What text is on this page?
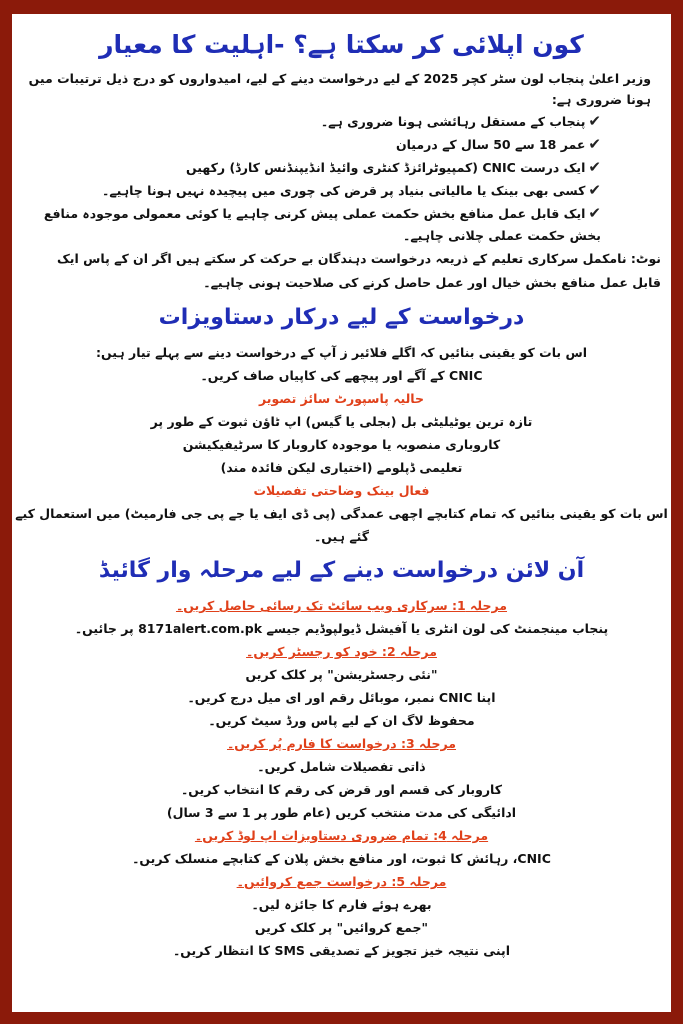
کون اپلائی کر سکتا ہے؟ -اہلیت کا معیار
وزیر اعلیٰ پنجاب لون سٹر کچر 2025 کے لیے درخواست دینے کے لیے، امیدواروں کو درج ذیل ترتیبات میں ہونا ضروری ہے:
✔پنجاب کے مستقل رہائشی ہونا ضروری ہے۔
✔عمر 18 سے 50 سال کے درمیان
✔ایک درست CNIC (کمپیوٹرائزڈ کنٹری وائیڈ انڈیپنڈنس کارڈ) رکھیں
✔کسی بھی بینک یا مالیاتی بنیاد پر قرض کی چوری میں پیچیدہ نہیں ہونا چاہیے۔
✔ایک قابل عمل منافع بخش حکمت عملی پیش کرنی چاہیے یا کوئی معمولی موجودہ منافع بخش حکمت عملی چلانی چاہیے۔
نوٹ: نامکمل سرکاری تعلیم کے ذریعہ درخواست دہندگان بے حرکت کر سکتے ہیں اگر ان کے پاس ایک قابل عمل منافع بخش خیال اور عمل حاصل کرنے کی صلاحیت ہونی چاہیے۔
درخواست کے لیے درکار دستاویزات
اس بات کو یقینی بنائیں کہ اگلے فلائیر ز آپ کے درخواست دینے سے پہلے تیار ہیں:
CNIC کے آگے اور پیچھے کی کاپیاں صاف کریں۔
حالیہ پاسپورٹ سائز تصویر
تازہ ترین یوٹیلیٹی بل (بجلی یا گیس) اپ ٹاؤن ثبوت کے طور پر
کاروباری منصوبہ یا موجودہ کاروبار کا سرٹیفیکیشن
تعلیمی ڈپلومے (اختیاری لیکن فائدہ مند)
فعال بینک وضاحتی تفصیلات
اس بات کو یقینی بنائیں کہ تمام کتابچے اچھی عمدگی (پی ڈی ایف یا جے پی جی فارمیٹ) میں استعمال کیے گئے ہیں۔
آن لائن درخواست دینے کے لیے مرحلہ وار گائیڈ
مرحلہ 1: سرکاری ویب سائٹ تک رسائی حاصل کریں۔
پنجاب مینجمنٹ کی لون انٹری یا آفیشل ڈیولپوڈیم جیسے 8171alert.com.pk پر جائیں۔
مرحلہ 2: خود کو رجسٹر کریں۔
"نئی رجسٹریشن" پر کلک کریں
اپنا CNIC نمبر، موبائل رقم اور ای میل درج کریں۔
محفوظ لاگ ان کے لیے پاس ورڈ سیٹ کریں۔
مرحلہ 3: درخواست کا فارم پُر کریں۔
ذاتی تفصیلات شامل کریں۔
کاروبار کی قسم اور قرض کی رقم کا انتخاب کریں۔
ادائیگی کی مدت منتخب کریں (عام طور پر 1 سے 3 سال)
مرحلہ 4: تمام ضروری دستاویزات اپ لوڈ کریں۔
CNIC، رہائش کا ثبوت، اور منافع بخش پلان کے کتابچے منسلک کریں۔
مرحلہ 5: درخواست جمع کروائیں۔
بھرے ہوئے فارم کا جائزہ لیں۔
"جمع کروائیں" پر کلک کریں
اپنی نتیجہ خیز تجویز کے تصدیقی SMS کا انتظار کریں۔
